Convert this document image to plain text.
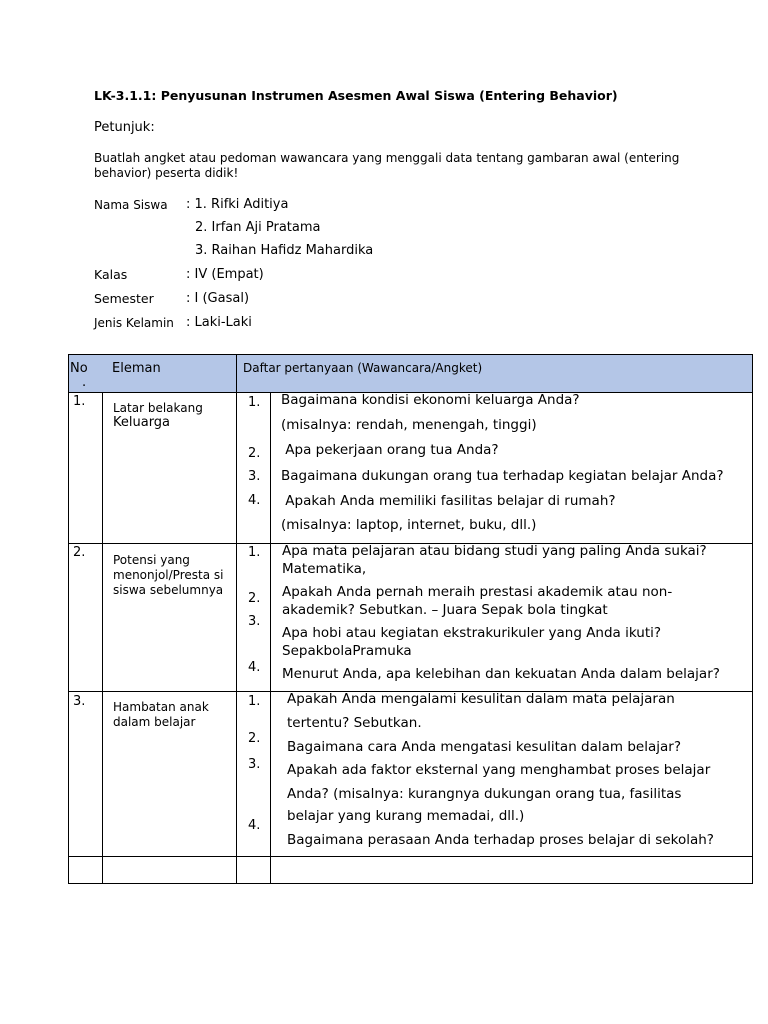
LK-3.1.1: Penyusunan Instrumen Asesmen Awal Siswa (Entering Behavior)
Petunjuk:
Buatlah angket atau pedoman wawancara yang menggali data tentang gambaran awal (entering behavior) peserta didik!
Nama Siswa : 1. Rifki Aditiya
2. Irfan Aji Pratama
3. Raihan Hafidz Mahardika
Kalas	: IV (Empat)
Semester : I (Gasal)
Jenis Kelamin : Laki-Laki
No
.
Eleman	Daftar pertanyaan (Wawancara/Angket)
1. Latar belakang
Keluarga
1.
2.
3.
4.
Bagaimana kondisi ekonomi keluarga Anda?
(misalnya: rendah, menengah, tinggi)
Apa pekerjaan orang tua Anda?
Bagaimana dukungan orang tua terhadap kegiatan belajar Anda?
Apakah Anda memiliki fasilitas belajar di rumah?
(misalnya: laptop, internet, buku, dll.)
2. Potensi yang menonjol/Presta si siswa sebelumnya
1.
2.
3.
4.
Apa mata pelajaran atau bidang studi yang paling Anda sukai?
Matematika,
Apakah Anda pernah meraih prestasi akademik atau non-
akademik? Sebutkan. – Juara Sepak bola tingkat
Apa hobi atau kegiatan ekstrakurikuler yang Anda ikuti?
SepakbolaPramuka
Menurut Anda, apa kelebihan dan kekuatan Anda dalam belajar?
3. Hambatan anak dalam belajar
1.
2.
3.
4.
Apakah Anda mengalami kesulitan dalam mata pelajaran
tertentu? Sebutkan.
Bagaimana cara Anda mengatasi kesulitan dalam belajar?
Apakah ada faktor eksternal yang menghambat proses belajar
Anda? (misalnya: kurangnya dukungan orang tua, fasilitas
belajar yang kurang memadai, dll.)
Bagaimana perasaan Anda terhadap proses belajar di sekolah?
